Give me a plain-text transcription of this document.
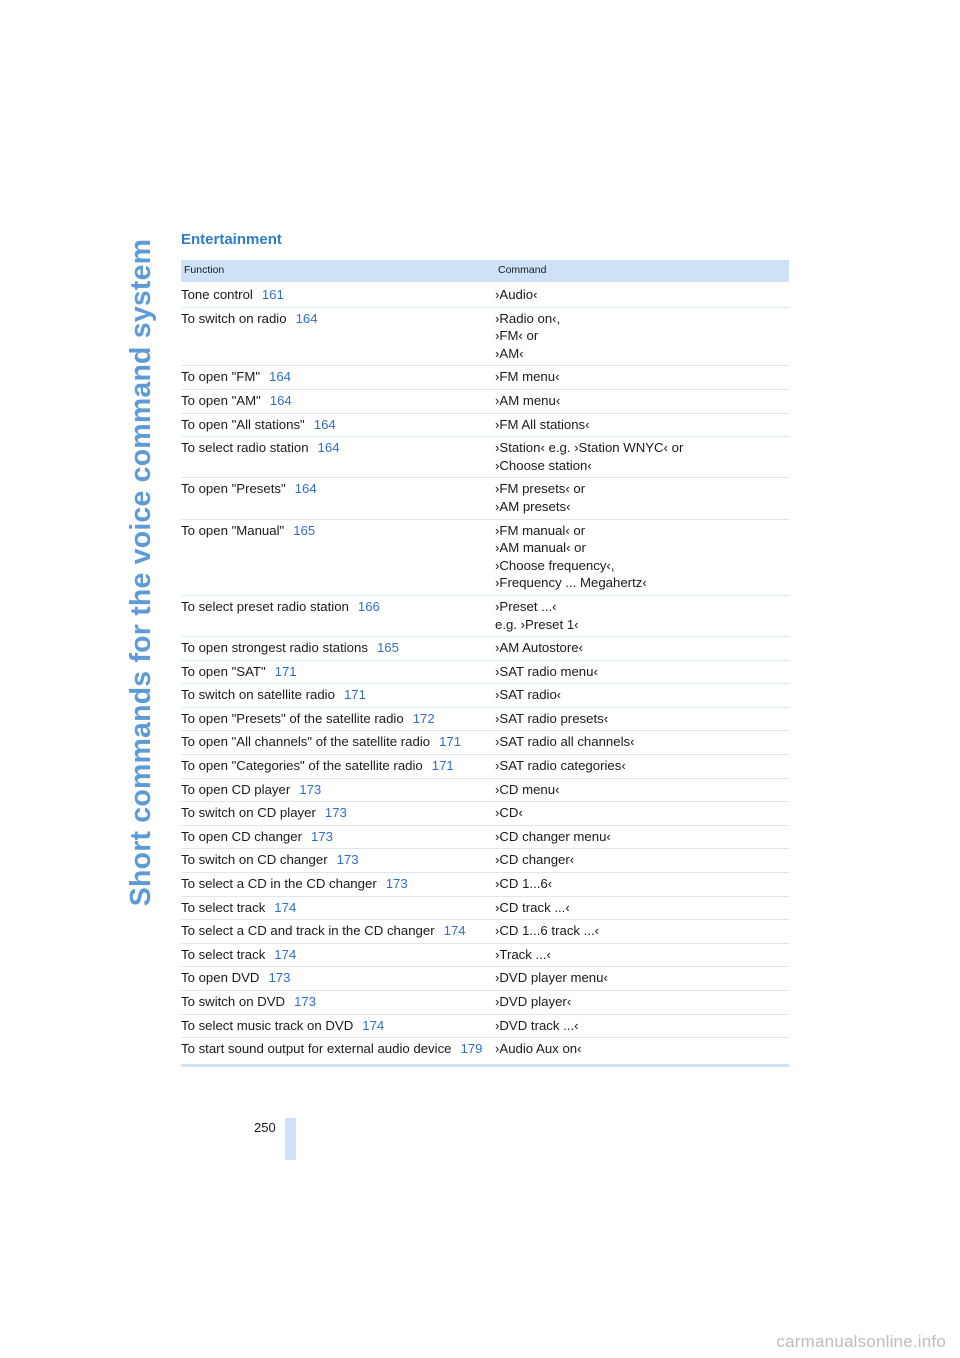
Short commands for the voice command system Entertainment
Function	Command
Tone control 161	›Audio‹

To switch on radio 164	›Radio on‹,
›FM‹ or
›AM‹

To open "FM" 164	›FM menu‹

To open "AM" 164	›AM menu‹

To open "All stations" 164	›FM All stations‹

To select radio station 164	›Station‹ e.g. ›Station WNYC‹ or
›Choose station‹

To open "Presets" 164	›FM presets‹ or
›AM presets‹

To open "Manual" 165	›FM manual‹ or
›AM manual‹ or
›Choose frequency‹,
›Frequency ... Megahertz‹

To select preset radio station 166	›Preset ...‹
e.g. ›Preset 1‹

To open strongest radio stations 165	›AM Autostore‹

To open "SAT" 171	›SAT radio menu‹

To switch on satellite radio 171	›SAT radio‹

To open "Presets" of the satellite radio 172	›SAT radio presets‹

To open "All channels" of the satellite radio 171	›SAT radio all channels‹

To open "Categories" of the satellite radio 171	›SAT radio categories‹

To open CD player 173	›CD menu‹

To switch on CD player 173	›CD‹

To open CD changer 173	›CD changer menu‹

To switch on CD changer 173	›CD changer‹

To select a CD in the CD changer 173	›CD 1...6‹

To select track 174	›CD track ...‹

To select a CD and track in the CD changer 174	›CD 1...6 track ...‹

To select track 174	›Track ...‹

To open DVD 173	›DVD player menu‹

To switch on DVD 173	›DVD player‹

To select music track on DVD 174	›DVD track ...‹

To start sound output for external audio device 179	›Audio Aux on‹
250
carmanualsonline.info
